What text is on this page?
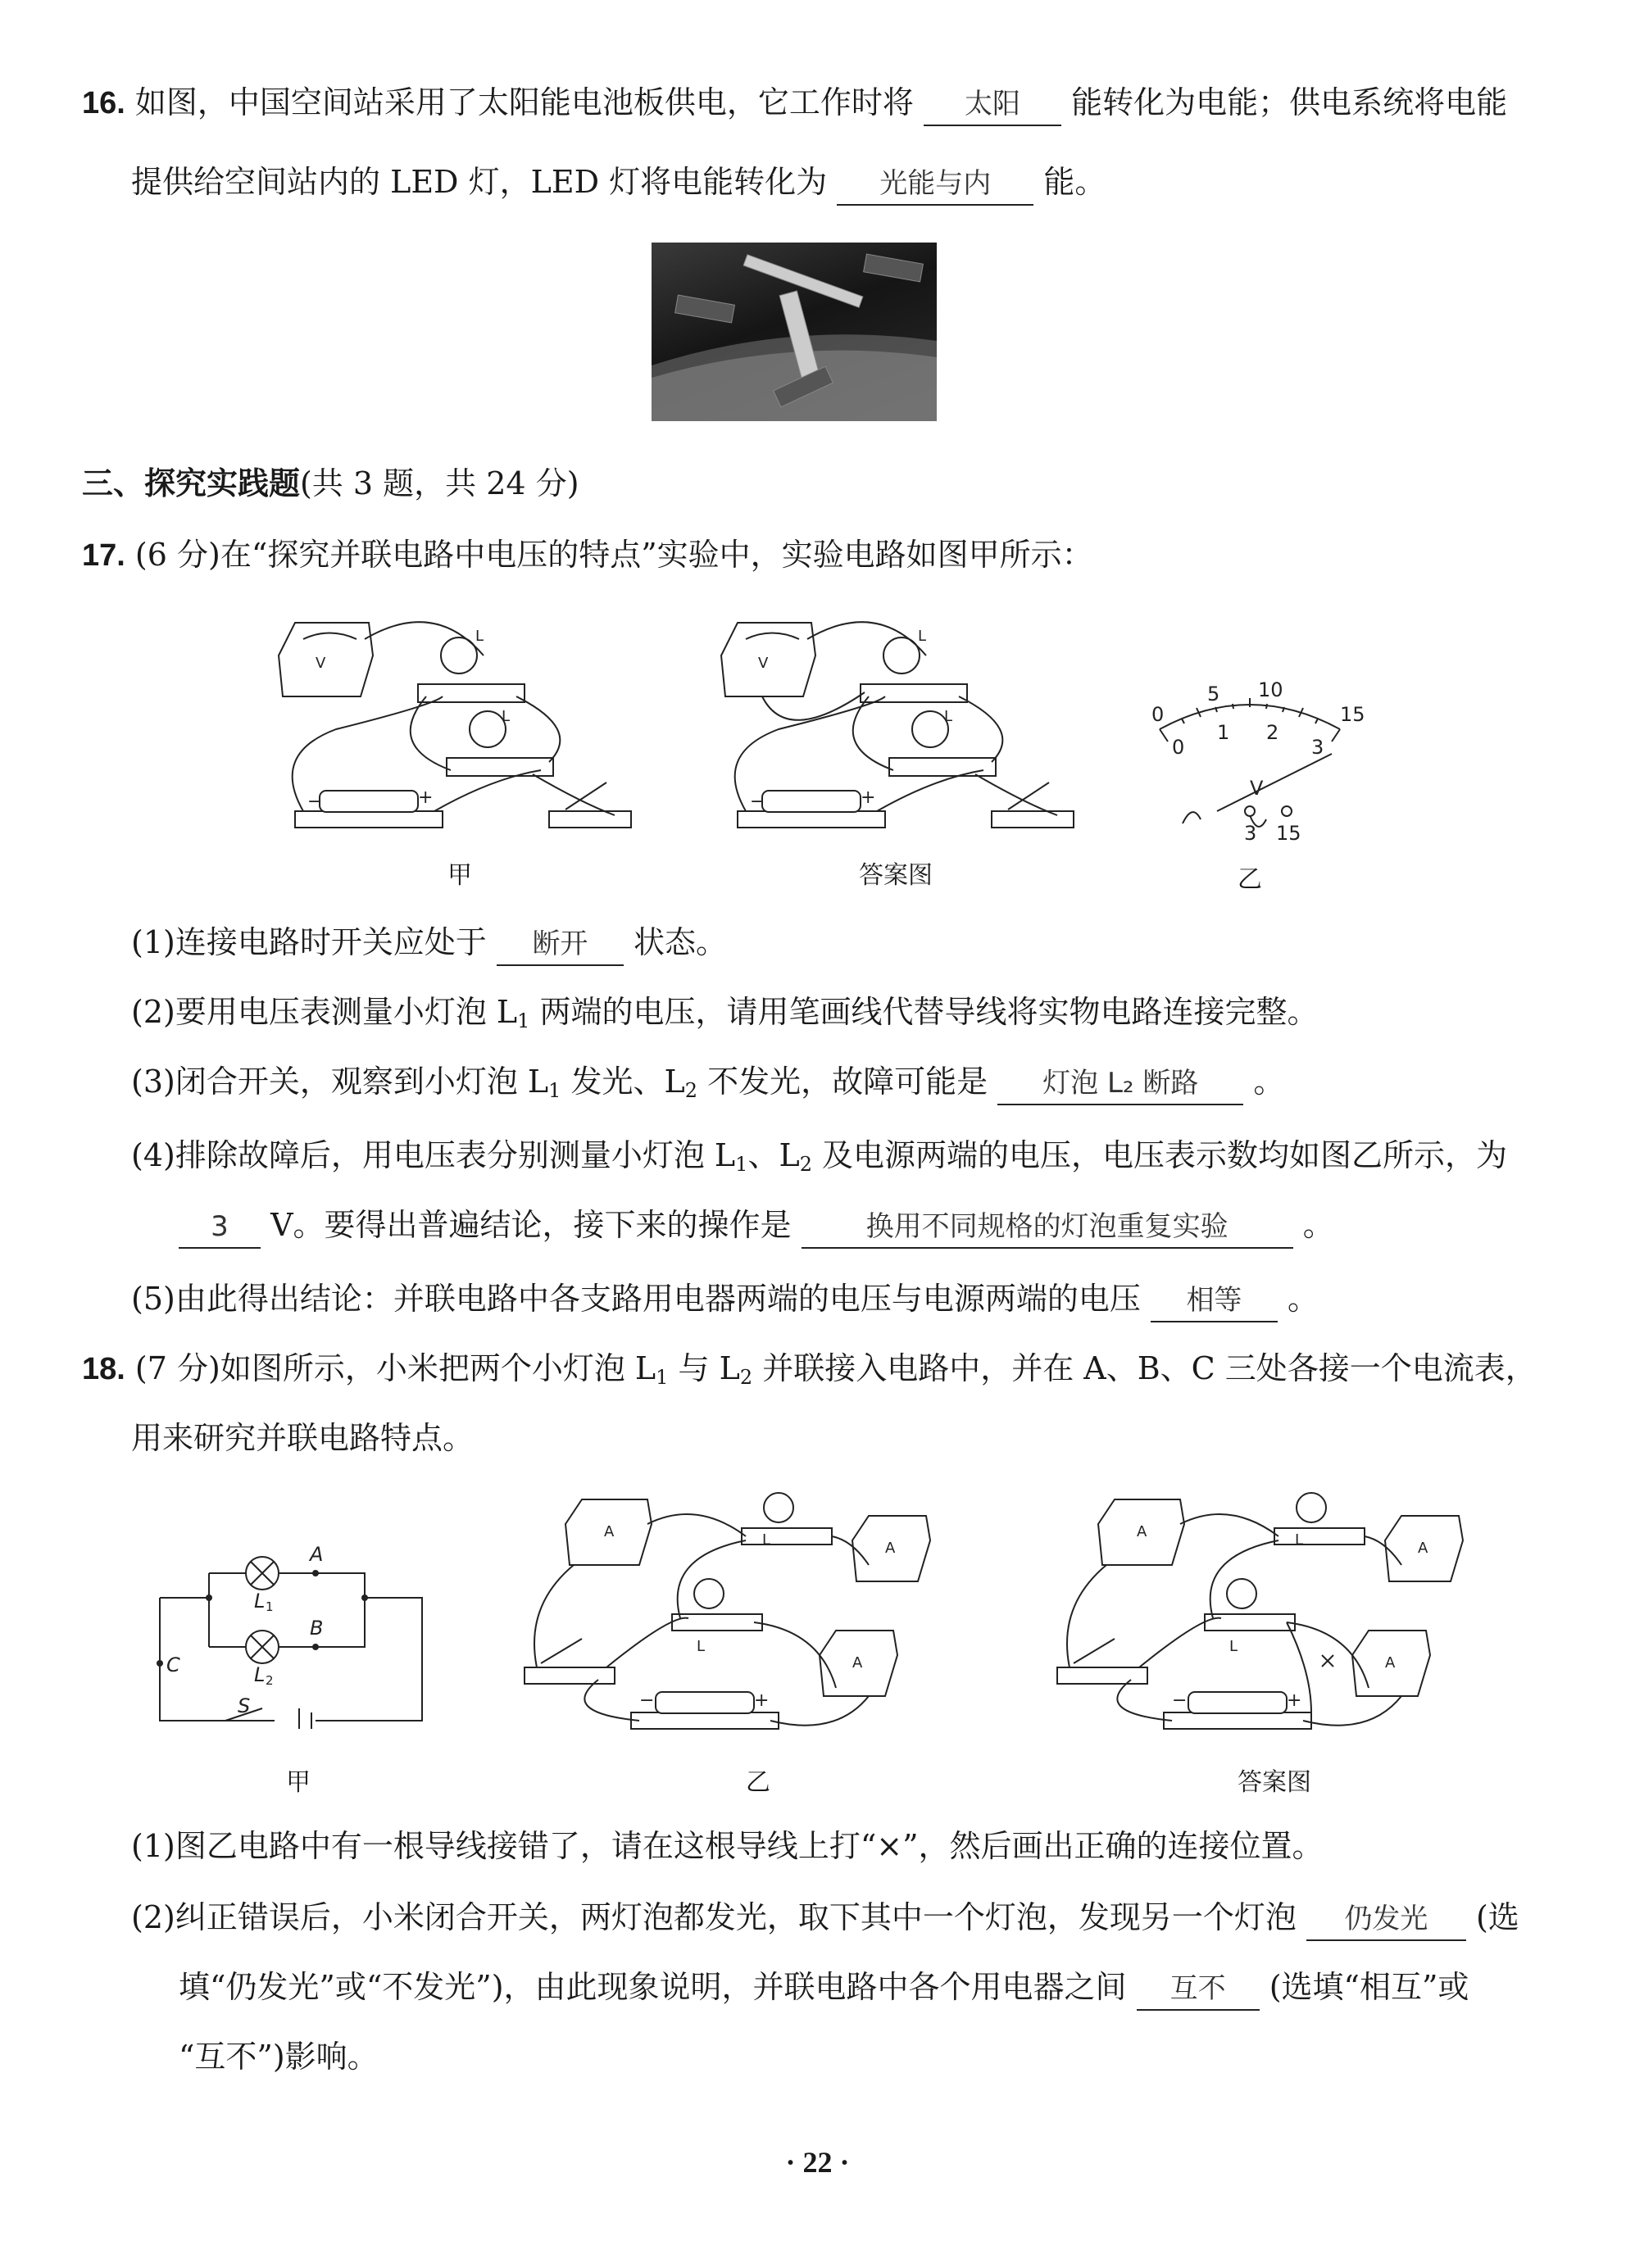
16. 如图，中国空间站采用了太阳能电池板供电，它工作时将 太阳 能转化为电能；供电系统将电能
提供给空间站内的 LED 灯，LED 灯将电能转化为 光能与内 能。
三、探究实践题(共 3 题，共 24 分)
17. (6 分)在“探究并联电路中电压的特点”实验中，实验电路如图甲所示：
V
L
L
−	+
甲
V
L
L
−	+
答案图
0
5 10
15
0
1 2
3
V
3 15
乙
(1)连接电路时开关应处于 断开 状态。
(2)要用电压表测量小灯泡 $L_1$ 两端的电压，请用笔画线代替导线将实物电路连接完整。
(3)闭合开关，观察到小灯泡 $L_1$ 发光、$L_2$ 不发光，故障可能是 灯泡 L₂ 断路 。
(4)排除故障后，用电压表分别测量小灯泡 $L_1$、$L_2$ 及电源两端的电压，电压表示数均如图乙所示，为
3 V。要得出普遍结论，接下来的操作是	换用不同规格的灯泡重复实验 。
(5)由此得出结论：并联电路中各支路用电器两端的电压与电源两端的电压 相等 。
18. (7 分)如图所示，小米把两个小灯泡 $L_1$ 与 $L_2$ 并联接入电路中，并在 A、B、C 三处各接一个电流表，
用来研究并联电路特点。
A
B
C
L
L
S
1
2
甲
A
A
A
L
L
−	+
乙
A
A
A
L
L
−	+
答案图
(1)图乙电路中有一根导线接错了，请在这根导线上打“×”，然后画出正确的连接位置。
(2)纠正错误后，小米闭合开关，两灯泡都发光，取下其中一个灯泡，发现另一个灯泡 仍发光 (选
填“仍发光”或“不发光”)，由此现象说明，并联电路中各个用电器之间 互不 (选填“相互”或
“互不”)影响。
· 22 ·
